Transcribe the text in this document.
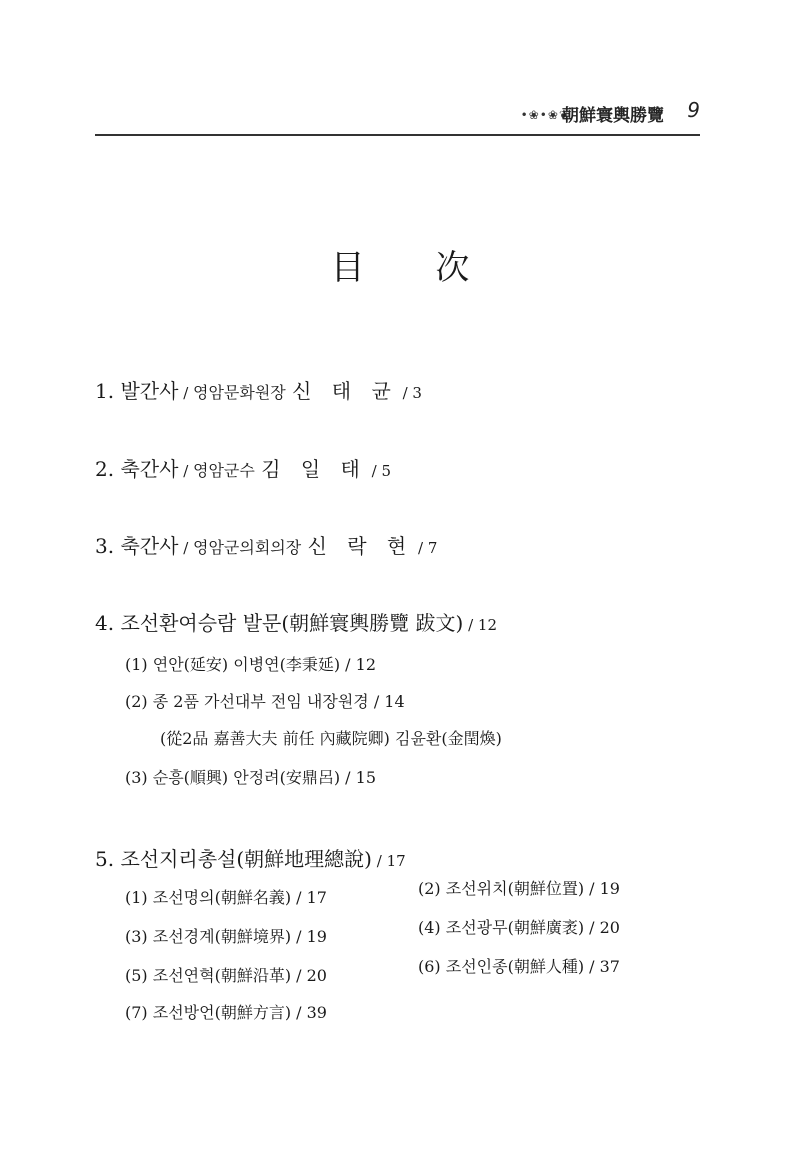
•❀•❀❦
朝鮮寰輿勝覽 9
目 次
1. 발간사 / 영암문화원장 신 태 균 / 3
2. 축간사 / 영암군수 김 일 태 / 5
3. 축간사 / 영암군의회의장 신 락 현 / 7
4. 조선환여승람 발문(朝鮮寰輿勝覽 跋文) / 12
(1) 연안(延安) 이병연(李秉延) / 12
(2) 종 2품 가선대부 전임 내장원경 / 14
(從2品 嘉善大夫 前任 內藏院卿) 김윤환(金閏煥)
(3) 순흥(順興) 안정려(安鼎呂) / 15
5. 조선지리총설(朝鮮地理總說) / 17
(1) 조선명의(朝鮮名義) / 17	(2) 조선위치(朝鮮位置) / 19
(3) 조선경계(朝鮮境界) / 19	(4) 조선광무(朝鮮廣袤) / 20
(5) 조선연혁(朝鮮沿革) / 20	(6) 조선인종(朝鮮人種) / 37
(7) 조선방언(朝鮮方言) / 39
